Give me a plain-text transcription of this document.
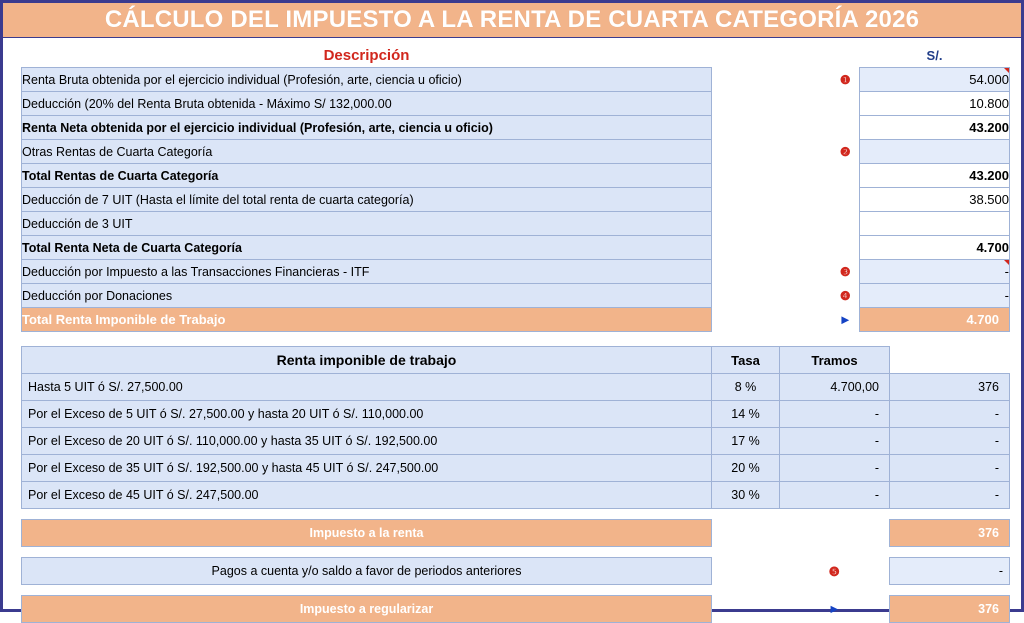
CÁLCULO DEL IMPUESTO A LA RENTA DE CUARTA CATEGORÍA 2026
Descripción			S/.
Renta Bruta obtenida por el ejercicio individual (Profesión, arte, ciencia u oficio)		❶	54.000
Deducción (20% del Renta Bruta obtenida - Máximo S/ 132,000.00			10.800
Renta Neta obtenida por el ejercicio individual (Profesión, arte, ciencia u oficio)			43.200
Otras Rentas de Cuarta Categoría		❷	
Total Rentas de Cuarta Categoría			43.200
Deducción de 7 UIT (Hasta el límite del total renta de cuarta categoría)			38.500
Deducción de 3 UIT			
Total Renta Neta de Cuarta Categoría			4.700
Deducción por Impuesto a las Transacciones Financieras - ITF		❸	-
Deducción por Donaciones		❹	-
Total Renta Imponible de Trabajo		►	4.700
Renta imponible de trabajo	Tasa	Tramos	
Hasta 5 UIT ó S/. 27,500.00	8 %	4.700,00	376
Por el Exceso de 5 UIT ó S/. 27,500.00 y hasta 20 UIT ó S/. 110,000.00	14 %	-	-
Por el Exceso de 20 UIT ó S/. 110,000.00 y hasta 35 UIT ó S/. 192,500.00	17 %	-	-
Por el Exceso de 35 UIT ó S/. 192,500.00 y hasta 45 UIT ó S/. 247,500.00	20 %	-	-
Por el Exceso de 45 UIT ó S/. 247,500.00	30 %	-	-

Impuesto a la renta			376

Pagos a cuenta y/o saldo a favor de periodos anteriores		❺	-

Impuesto a regularizar		►	376
